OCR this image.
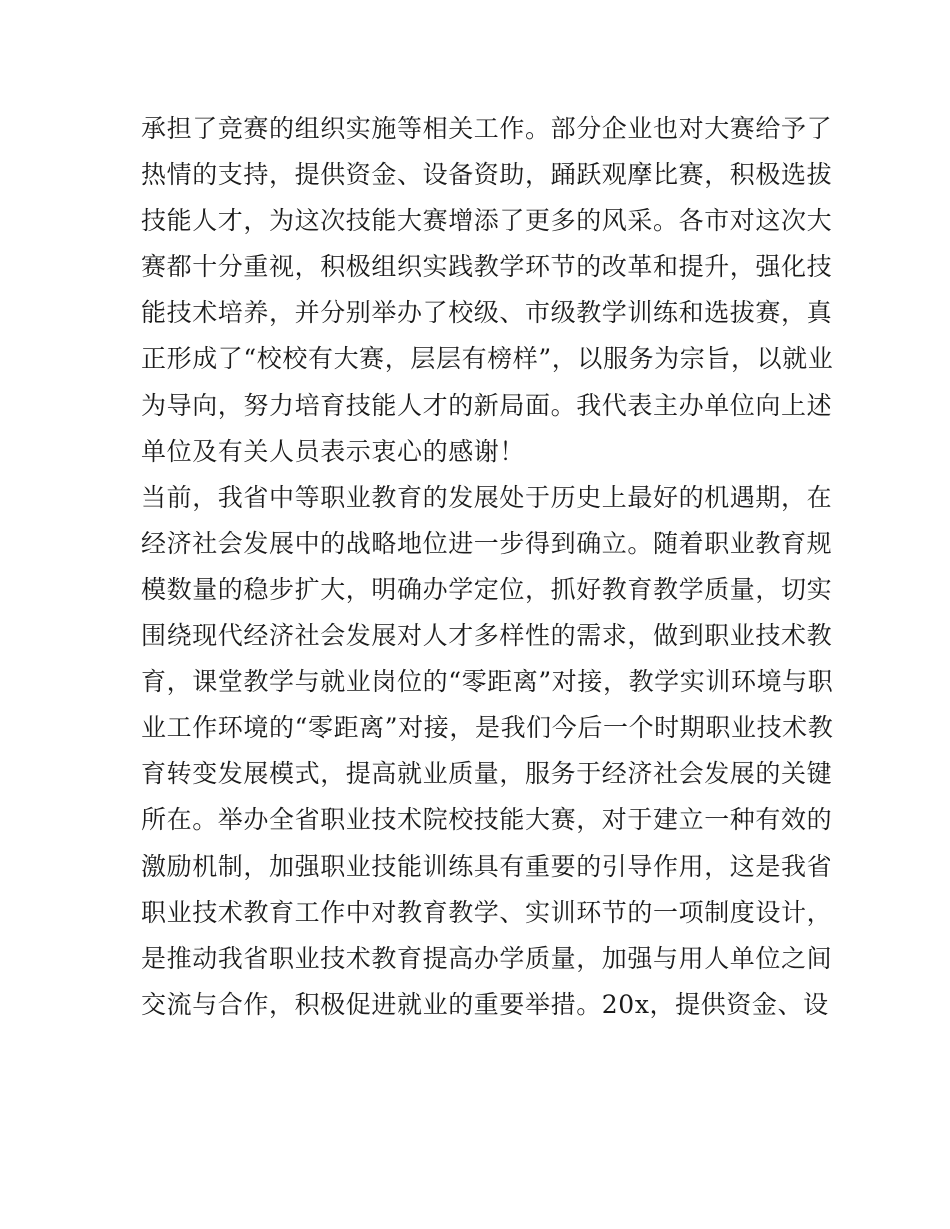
承担了竞赛的组织实施等相关工作。部分企业也对大赛给予了
热情的支持，提供资金、设备资助，踊跃观摩比赛，积极选拔
技能人才，为这次技能大赛增添了更多的风采。各市对这次大
赛都十分重视，积极组织实践教学环节的改革和提升，强化技
能技术培养，并分别举办了校级、市级教学训练和选拔赛，真
正形成了“校校有大赛，层层有榜样”，以服务为宗旨，以就业
为导向，努力培育技能人才的新局面。我代表主办单位向上述
单位及有关人员表示衷心的感谢！
当前，我省中等职业教育的发展处于历史上最好的机遇期，在
经济社会发展中的战略地位进一步得到确立。随着职业教育规
模数量的稳步扩大，明确办学定位，抓好教育教学质量，切实
围绕现代经济社会发展对人才多样性的需求，做到职业技术教
育，课堂教学与就业岗位的“零距离”对接，教学实训环境与职
业工作环境的“零距离”对接，是我们今后一个时期职业技术教
育转变发展模式，提高就业质量，服务于经济社会发展的关键
所在。举办全省职业技术院校技能大赛，对于建立一种有效的
激励机制，加强职业技能训练具有重要的引导作用，这是我省
职业技术教育工作中对教育教学、实训环节的一项制度设计，
是推动我省职业技术教育提高办学质量，加强与用人单位之间
交流与合作，积极促进就业的重要举措。20x，提供资金、设
